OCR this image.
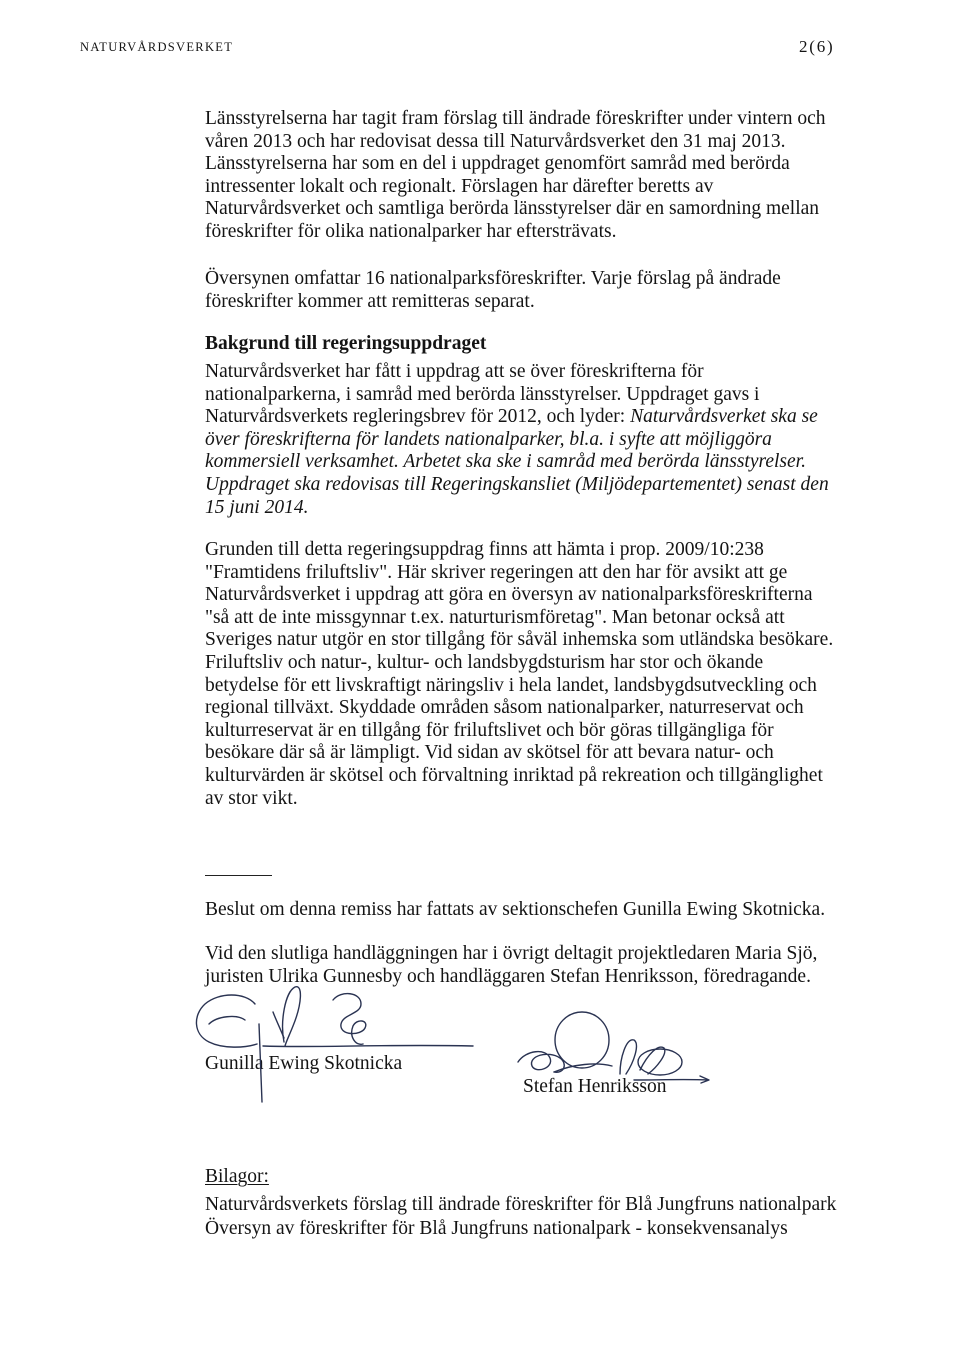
NATURVÅRDSVERKET	2(6)
Länsstyrelserna har tagit fram förslag till ändrade föreskrifter under vintern och
våren 2013 och har redovisat dessa till Naturvårdsverket den 31 maj 2013.
Länsstyrelserna har som en del i uppdraget genomfört samråd med berörda
intressenter lokalt och regionalt. Förslagen har därefter beretts av
Naturvårdsverket och samtliga berörda länsstyrelser där en samordning mellan
föreskrifter för olika nationalparker har eftersträvats.
Översynen omfattar 16 nationalparksföreskrifter. Varje förslag på ändrade
föreskrifter kommer att remitteras separat.
Bakgrund till regeringsuppdraget
Naturvårdsverket har fått i uppdrag att se över föreskrifterna för
nationalparkerna, i samråd med berörda länsstyrelser. Uppdraget gavs i
Naturvårdsverkets regleringsbrev för 2012, och lyder: Naturvårdsverket ska se
över föreskrifterna för landets nationalparker, bl.a. i syfte att möjliggöra
kommersiell verksamhet. Arbetet ska ske i samråd med berörda länsstyrelser.
Uppdraget ska redovisas till Regeringskansliet (Miljödepartementet) senast den
15 juni 2014.
Grunden till detta regeringsuppdrag finns att hämta i prop. 2009/10:238
"Framtidens friluftsliv". Här skriver regeringen att den har för avsikt att ge
Naturvårdsverket i uppdrag att göra en översyn av nationalparksföreskrifterna
"så att de inte missgynnar t.ex. naturturismföretag". Man betonar också att
Sveriges natur utgör en stor tillgång för såväl inhemska som utländska besökare.
Friluftsliv och natur-, kultur- och landsbygdsturism har stor och ökande
betydelse för ett livskraftigt näringsliv i hela landet, landsbygdsutveckling och
regional tillväxt. Skyddade områden såsom nationalparker, naturreservat och
kulturreservat är en tillgång för friluftslivet och bör göras tillgängliga för
besökare där så är lämpligt. Vid sidan av skötsel för att bevara natur- och
kulturvärden är skötsel och förvaltning inriktad på rekreation och tillgänglighet
av stor vikt.
Beslut om denna remiss har fattats av sektionschefen Gunilla Ewing Skotnicka.
Vid den slutliga handläggningen har i övrigt deltagit projektledaren Maria Sjö,
juristen Ulrika Gunnesby och handläggaren Stefan Henriksson, föredragande.
Gunilla Ewing Skotnicka
Stefan Henriksson
Bilagor:
Naturvårdsverkets förslag till ändrade föreskrifter för Blå Jungfruns nationalpark
Översyn av föreskrifter för Blå Jungfruns nationalpark - konsekvensanalys
